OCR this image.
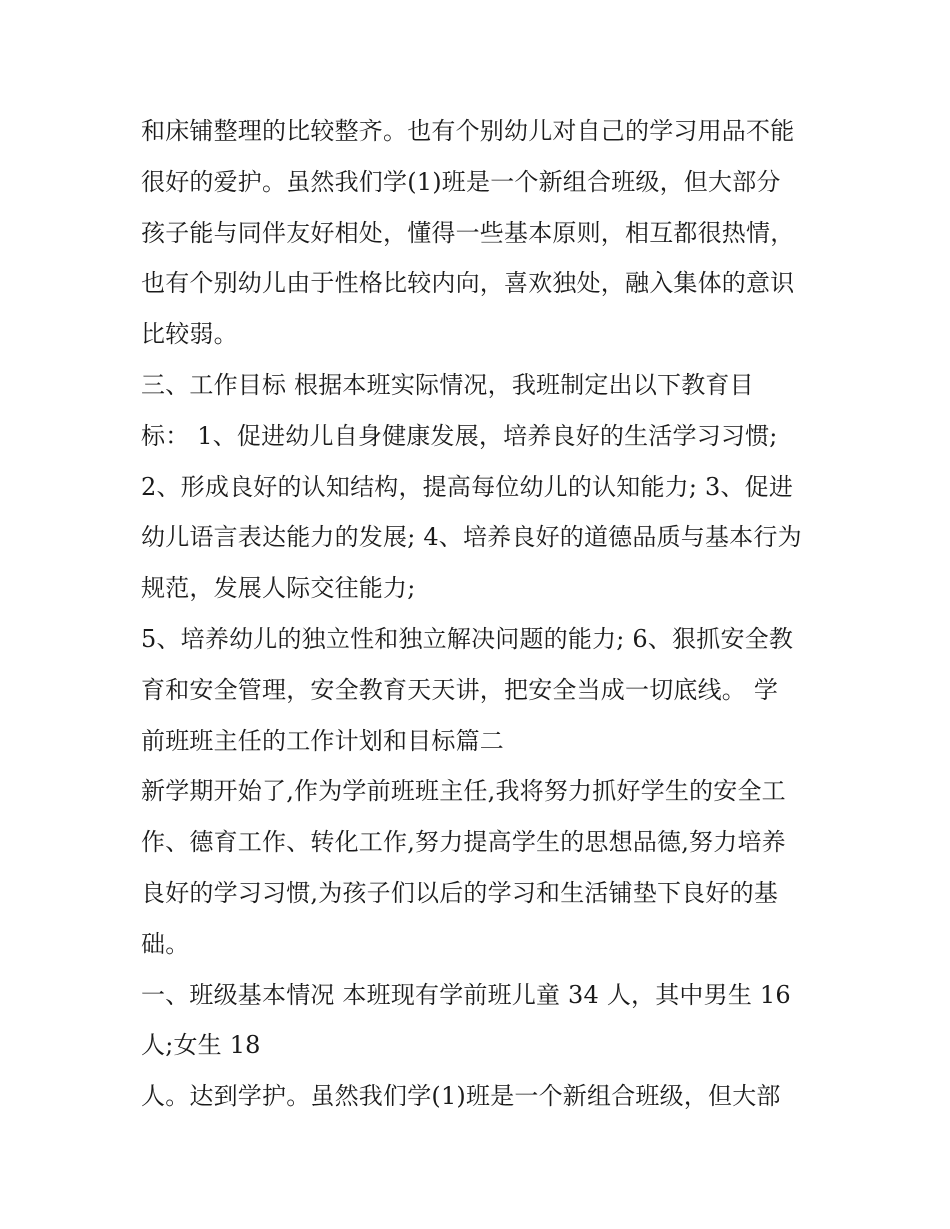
和床铺整理的比较整齐。也有个别幼儿对自己的学习用品不能
很好的爱护。虽然我们学(1)班是一个新组合班级，但大部分
孩子能与同伴友好相处，懂得一些基本原则，相互都很热情，
也有个别幼儿由于性格比较内向，喜欢独处，融入集体的意识
比较弱。
三、工作目标 根据本班实际情况，我班制定出以下教育目
标： 1、促进幼儿自身健康发展，培养良好的生活学习习惯;
2、形成良好的认知结构，提高每位幼儿的认知能力; 3、促进
幼儿语言表达能力的发展; 4、培养良好的道德品质与基本行为
规范，发展人际交往能力;
5、培养幼儿的独立性和独立解决问题的能力; 6、狠抓安全教
育和安全管理，安全教育天天讲，把安全当成一切底线。 学
前班班主任的工作计划和目标篇二
新学期开始了,作为学前班班主任,我将努力抓好学生的安全工
作、德育工作、转化工作,努力提高学生的思想品德,努力培养
良好的学习习惯,为孩子们以后的学习和生活铺垫下良好的基
础。
一、班级基本情况 本班现有学前班儿童 34 人，其中男生 16
人;女生 18
人。达到学护。虽然我们学(1)班是一个新组合班级，但大部
